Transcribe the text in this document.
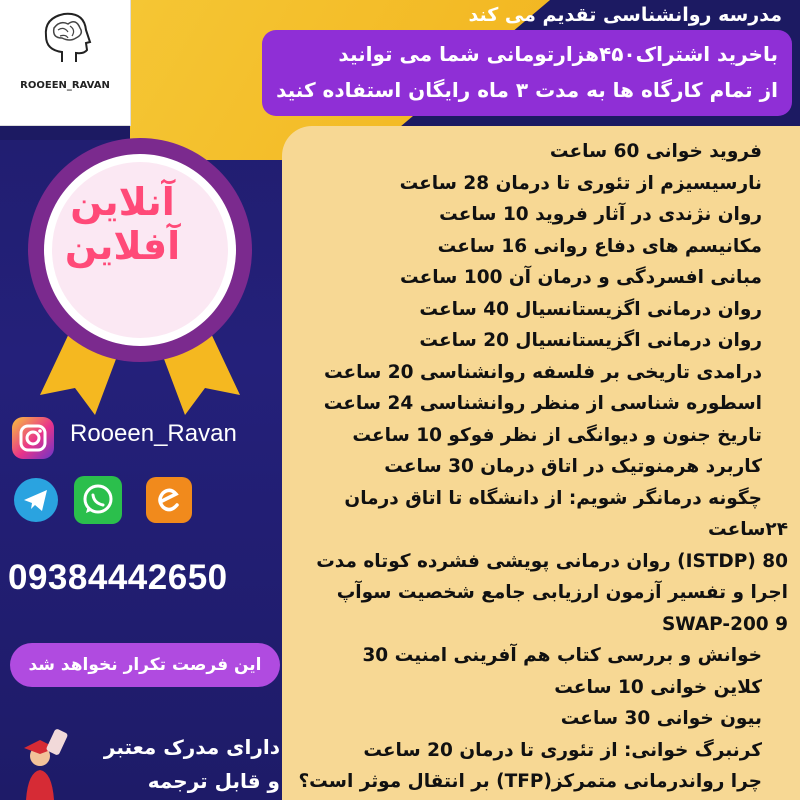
ROOEEN_RAVAN
مدرسه روانشناسی تقدیم می کند
باخرید اشتراک۴۵۰هزارتومانی شما می توانید
از تمام کارگاه ها به مدت ۳ ماه رایگان استفاده کنید
فروید خوانی 60 ساعت
نارسیسیزم از تئوری تا درمان 28 ساعت
روان نژندی در آثار فروید 10 ساعت
مکانیسم های دفاع روانی 16 ساعت
مبانی افسردگی و درمان آن 100 ساعت
روان درمانی اگزیستانسیال 40 ساعت
روان درمانی اگزیستانسیال 20 ساعت
درامدی تاریخی بر فلسفه روانشناسی 20 ساعت
اسطوره شناسی از منظر روانشناسی 24 ساعت
تاریخ جنون و دیوانگی از نظر فوکو 10 ساعت
کاربرد هرمنوتیک در اتاق درمان 30 ساعت
چگونه درمانگر شویم: از دانشگاه تا اتاق درمان
۲۴ساعت
80 (ISTDP) روان درمانی پویشی فشرده کوتاه مدت
اجرا و تفسیر آزمون ارزیابی جامع شخصیت سوآپ
SWAP-200 9
خوانش و بررسی کتاب هم آفرینی امنیت 30
کلاین خوانی 10 ساعت
بیون خوانی 30 ساعت
کرنبرگ خوانی: از تئوری تا درمان 20 ساعت
چرا رواندرمانی متمرکز(TFP) بر انتقال موثر است؟
آنلاین
آفلاین
Rooeen_Ravan
09384442650
این فرصت تکرار نخواهد شد
دارای مدرک معتبر
و قابل ترجمه
